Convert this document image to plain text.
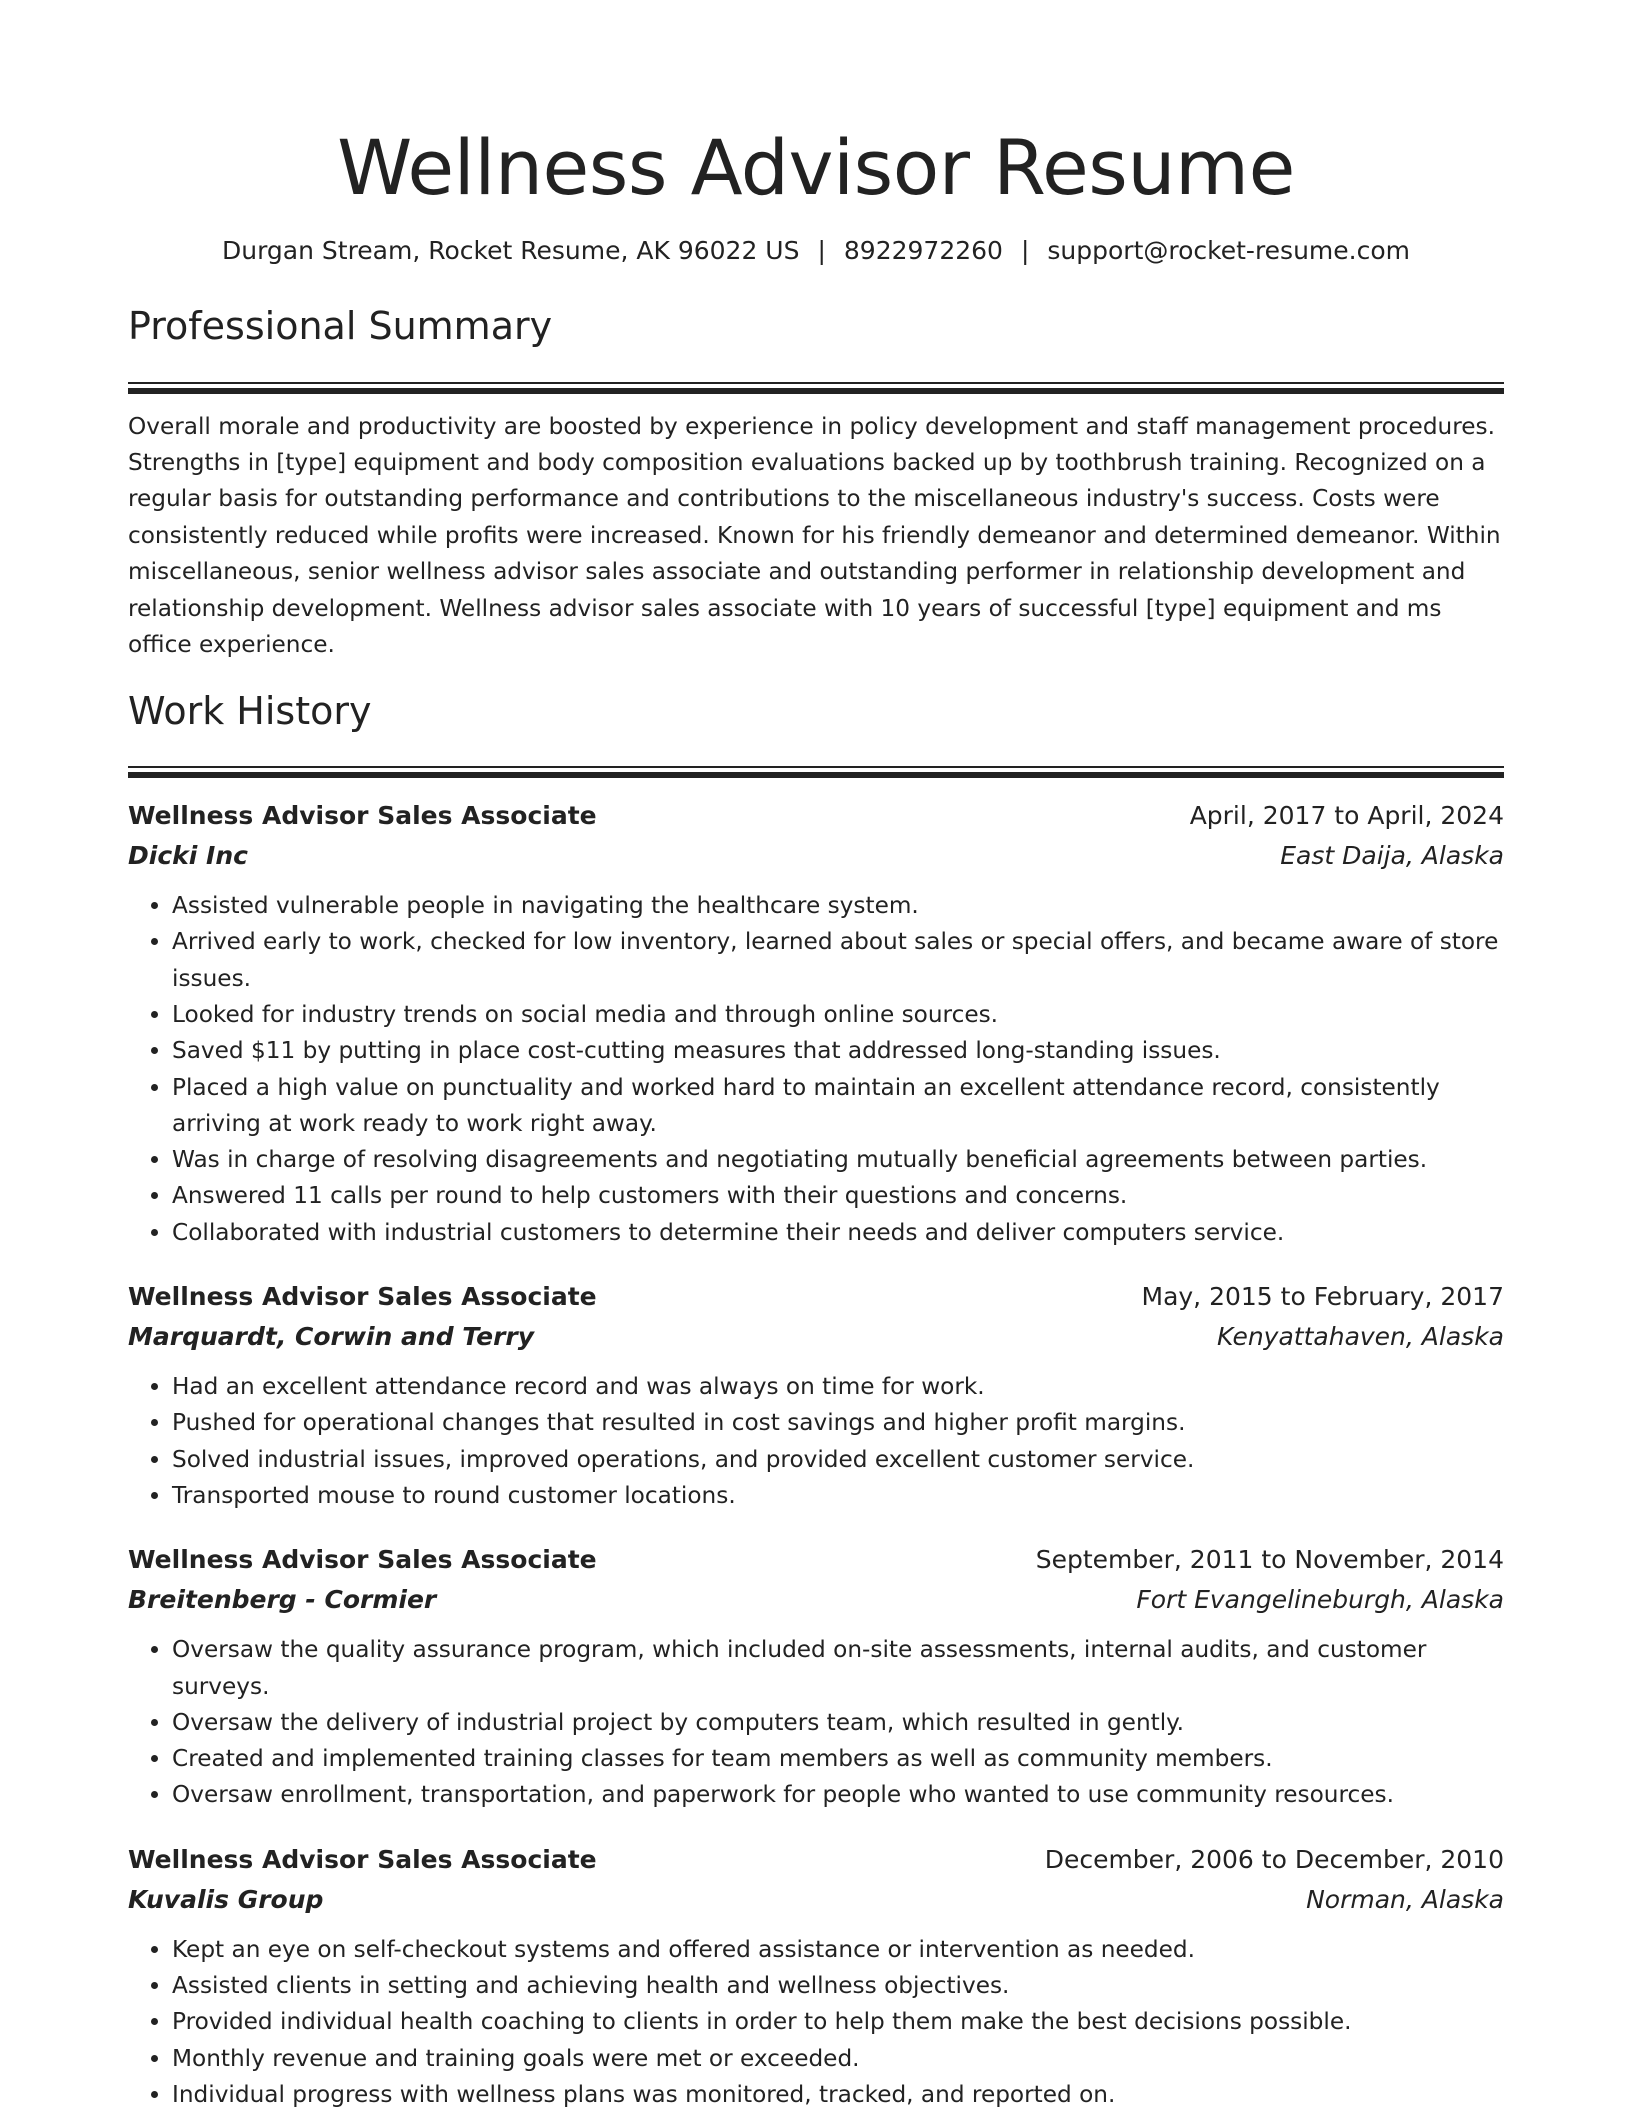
Wellness Advisor Resume
Durgan Stream, Rocket Resume, AK 96022 US | 8922972260 | support@rocket-resume.com
Professional Summary

Overall morale and productivity are boosted by experience in policy development and staff management procedures. Strengths in [type] equipment and body composition evaluations backed up by toothbrush training. Recognized on a regular basis for outstanding performance and contributions to the miscellaneous industry's success. Costs were consistently reduced while profits were increased. Known for his friendly demeanor and determined demeanor. Within miscellaneous, senior wellness advisor sales associate and outstanding performer in relationship development and relationship development. Wellness advisor sales associate with 10 years of successful [type] equipment and ms office experience.

Work History
Wellness Advisor Sales Associate	April, 2017 to April, 2024
Dicki Inc	East Daija, Alaska
• Assisted vulnerable people in navigating the healthcare system.
• Arrived early to work, checked for low inventory, learned about sales or special offers, and became aware of store issues.
• Looked for industry trends on social media and through online sources.
• Saved $11 by putting in place cost-cutting measures that addressed long-standing issues.
• Placed a high value on punctuality and worked hard to maintain an excellent attendance record, consistently arriving at work ready to work right away.
• Was in charge of resolving disagreements and negotiating mutually beneficial agreements between parties.
• Answered 11 calls per round to help customers with their questions and concerns.
• Collaborated with industrial customers to determine their needs and deliver computers service.
Wellness Advisor Sales Associate	May, 2015 to February, 2017
Marquardt, Corwin and Terry	Kenyattahaven, Alaska
• Had an excellent attendance record and was always on time for work.
• Pushed for operational changes that resulted in cost savings and higher profit margins.
• Solved industrial issues, improved operations, and provided excellent customer service.
• Transported mouse to round customer locations.
Wellness Advisor Sales Associate	September, 2011 to November, 2014
Breitenberg - Cormier	Fort Evangelineburgh, Alaska
• Oversaw the quality assurance program, which included on-site assessments, internal audits, and customer surveys.
• Oversaw the delivery of industrial project by computers team, which resulted in gently.
• Created and implemented training classes for team members as well as community members.
• Oversaw enrollment, transportation, and paperwork for people who wanted to use community resources.
Wellness Advisor Sales Associate	December, 2006 to December, 2010
Kuvalis Group	Norman, Alaska
• Kept an eye on self-checkout systems and offered assistance or intervention as needed.
• Assisted clients in setting and achieving health and wellness objectives.
• Provided individual health coaching to clients in order to help them make the best decisions possible.
• Monthly revenue and training goals were met or exceeded.
• Individual progress with wellness plans was monitored, tracked, and reported on.
